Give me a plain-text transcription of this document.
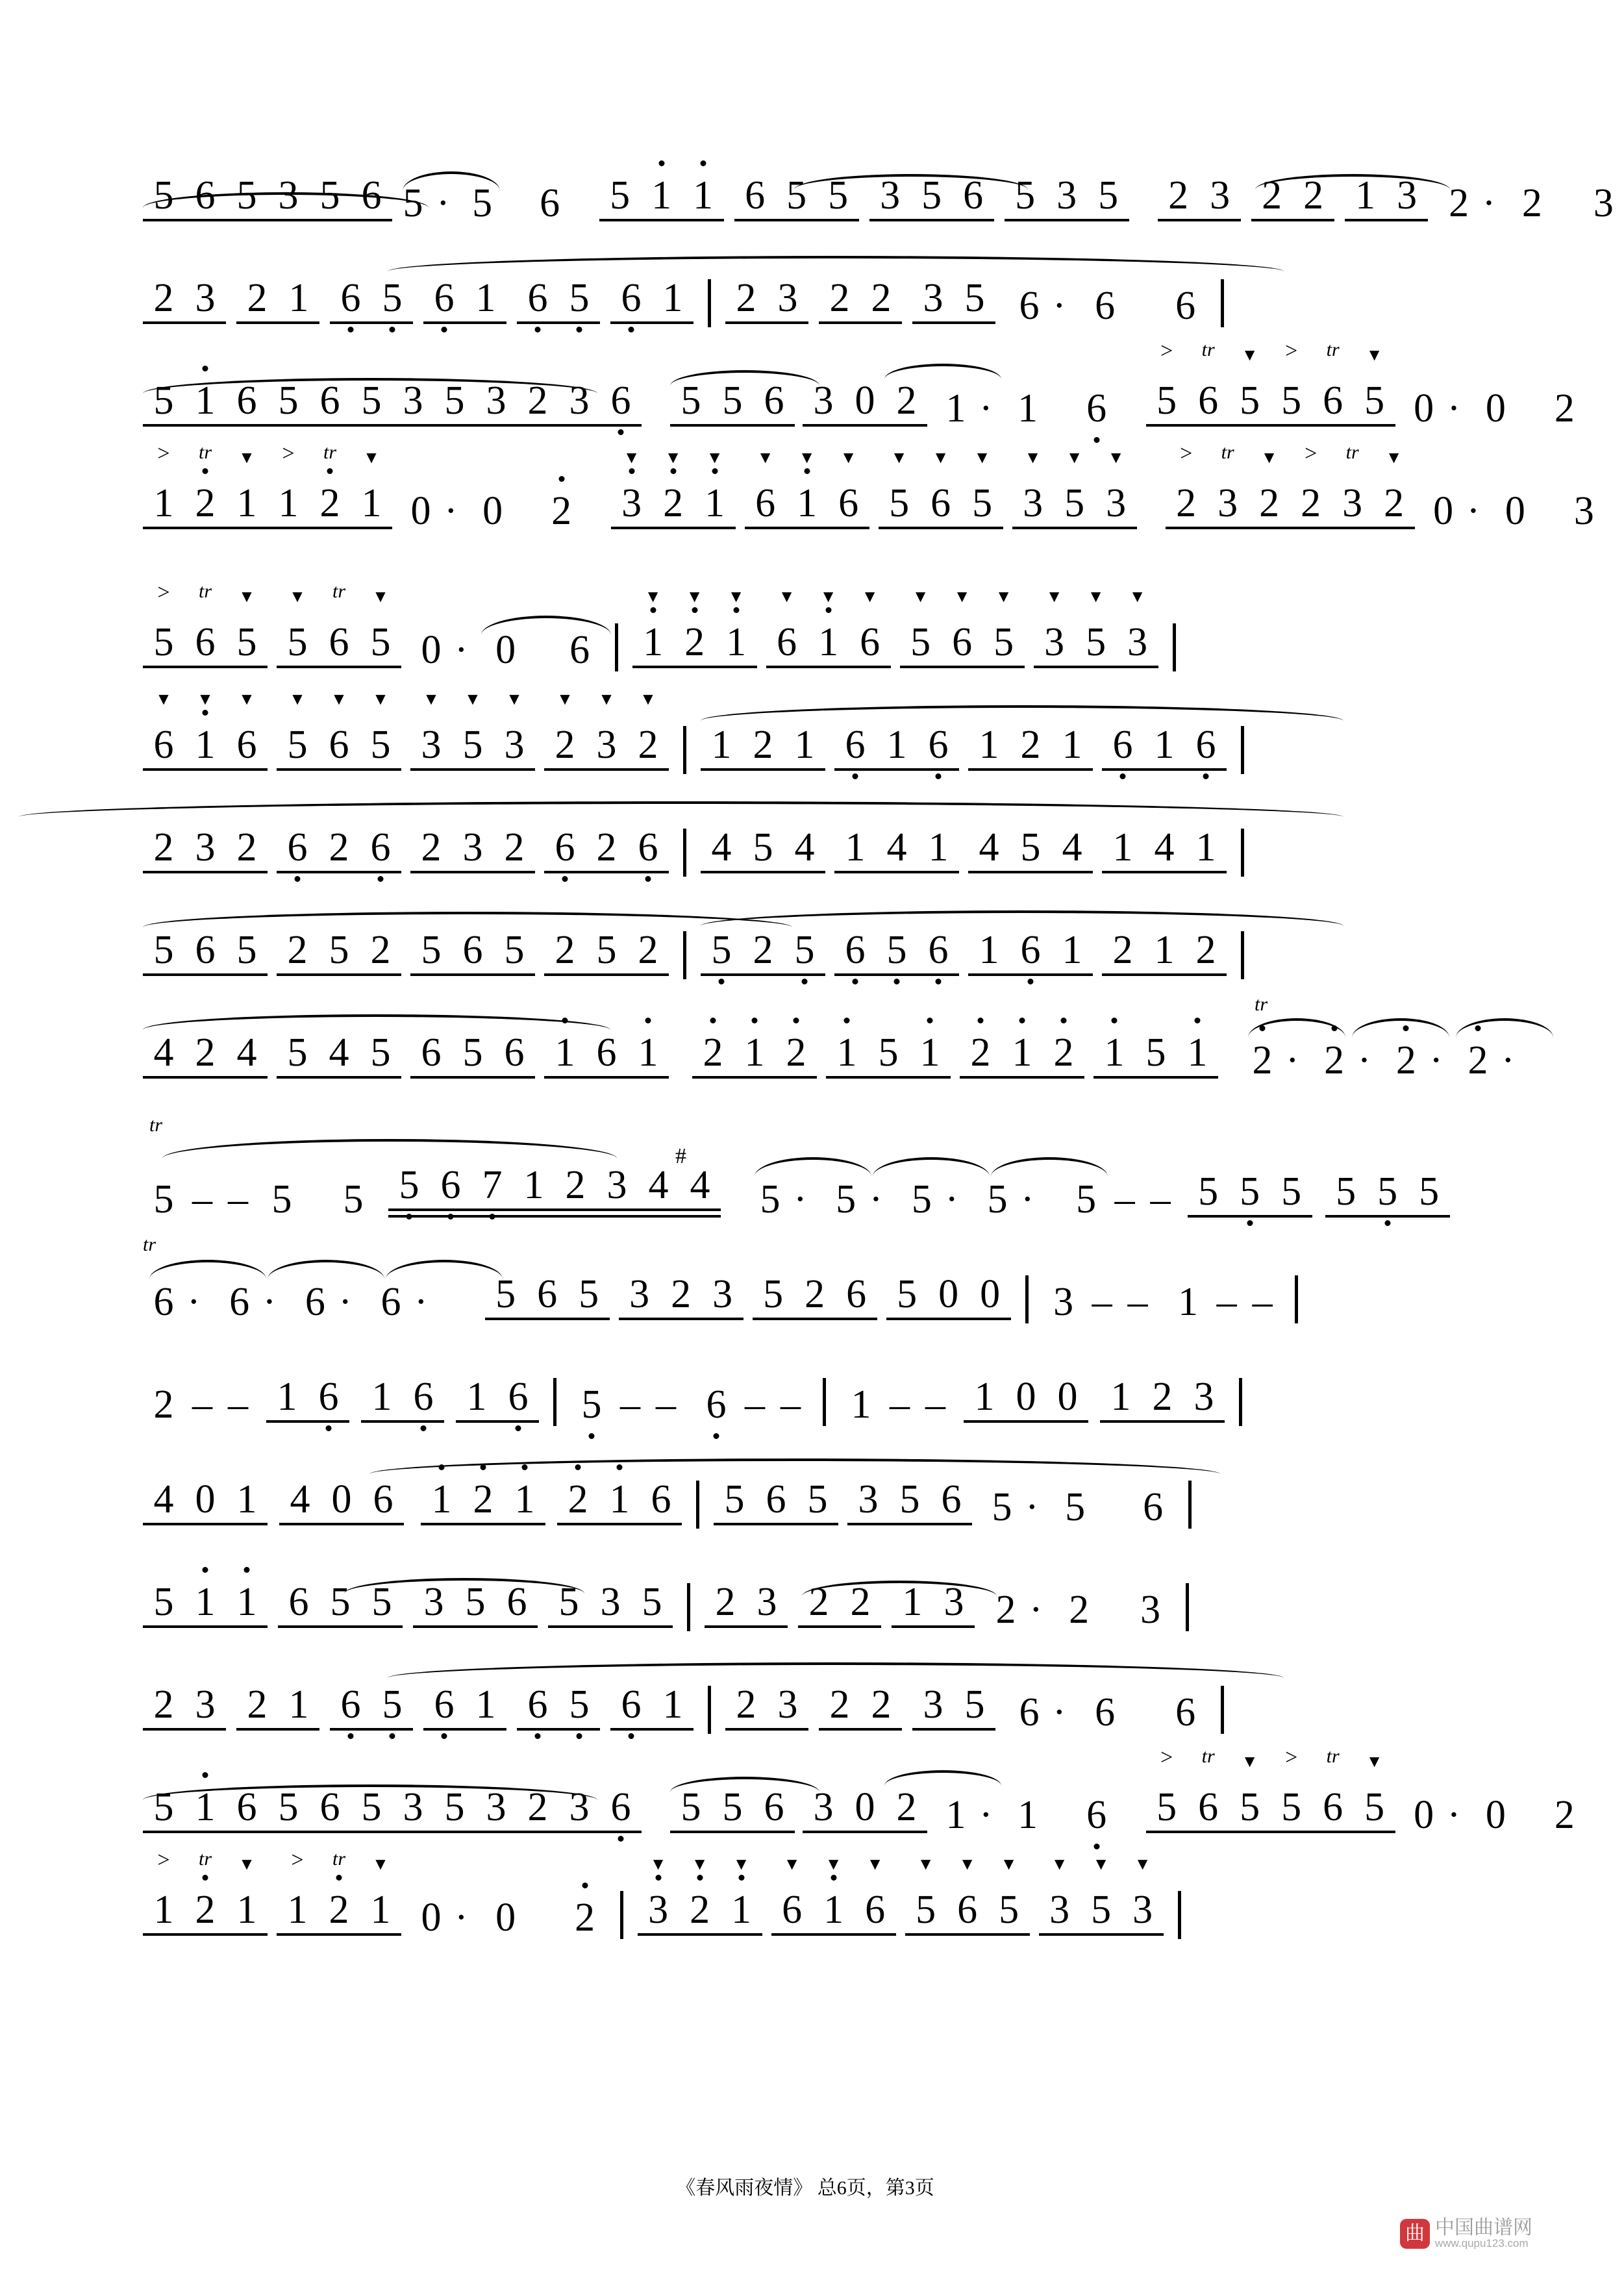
5 6 5 3 5 6 5 · 5 6 5 1 1 6 5 5 3 5 6 5 3 5 2 3 2 2 1 3 2 · 2 3
2 3 2 1 6 5 6 1 6 5 6 1 2 3 2 2 3 5 6 · 6 6
5 1 6 5 6 5 3 5 3 2 3 6 5 5 6 3 0 2 1 · 1 6 5
>
6
tr
5
▼
5
>
6
tr
5
▼
0 · 0 2
1
>
2
tr
1
▼
1
>
2
tr
1
▼
0 · 0 2 3
▼
2
▼
1
▼
6
▼
1
▼
6
▼
5
▼
6
▼
5
▼
3
▼
5
▼
3
▼
2
>
3
tr
2
▼
2
>
3
tr
2
▼
0 · 0 3
5
>
6
tr
5
▼
5
▼
6
tr
5
▼
0 · 0 6 1
▼
2
▼
1
▼
6
▼
1
▼
6
▼
5
▼
6
▼
5
▼
3
▼
5
▼
3
▼
6
▼
1
▼
6
▼
5
▼
6
▼
5
▼
3
▼
5
▼
3
▼
2
▼
3
▼
2
▼
1 2 1 6 1 6 1 2 1 6 1 6
2 3 2 6 2 6 2 3 2 6 2 6 4 5 4 1 4 1 4 5 4 1 4 1
5 6 5 2 5 2 5 6 5 2 5 2 5 2 5 6 5 6 1 6 1 2 1 2
4 2 4 5 4 5 6 5 6 1 6 1 2 1 2 1 5 1 2 1 2 1 5 1
tr
2 · 2 · 2 · 2 ·
tr
5 – – 5 5 5 6 7 1 2 3 4 4
#
5 · 5 · 5 · 5 · 5 – – 5 5 5 5 5 5
tr
6 · 6 · 6 · 6 · 5 6 5 3 2 3 5 2 6 5 0 0 3 – – 1 – –
2 – – 1 6 1 6 1 6 5 – – 6 – – 1 – – 1 0 0 1 2 3
4 0 1 4 0 6 1 2 1 2 1 6 5 6 5 3 5 6 5 · 5 6
5 1 1 6 5 5 3 5 6 5 3 5 2 3 2 2 1 3 2 · 2 3
2 3 2 1 6 5 6 1 6 5 6 1 2 3 2 2 3 5 6 · 6 6
5 1 6 5 6 5 3 5 3 2 3 6 5 5 6 3 0 2 1 · 1 6 5
>
6
tr
5
▼
5
>
6
tr
5
▼
0 · 0 2
1
>
2
tr
1
▼
1
>
2
tr
1
▼
0 · 0 2 3
▼
2
▼
1
▼
6
▼
1
▼
6
▼
5
▼
6
▼
5
▼
3
▼
5
▼
3
▼
《春风雨夜情》 总6页，第3页
曲 中国曲谱网
www.qupu123.com
